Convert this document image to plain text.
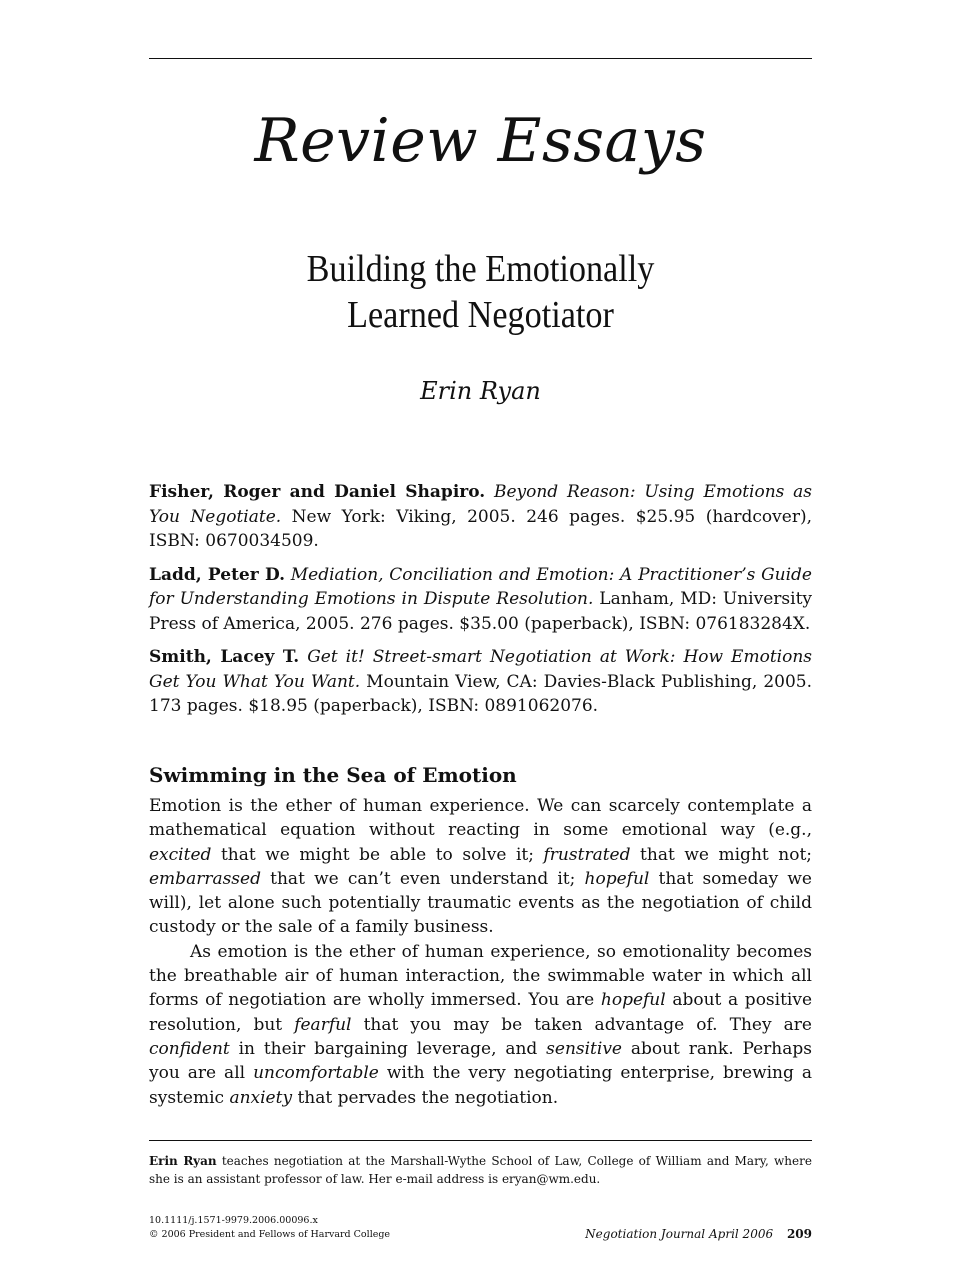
Review Essays
Building the Emotionally
Learned Negotiator
Erin Ryan

Fisher, Roger and Daniel Shapiro. Beyond Reason: Using Emotions as You Negotiate. New York: Viking, 2005. 246 pages. $25.95 (hardcover), ISBN: 0670034509.

Ladd, Peter D. Mediation, Conciliation and Emotion: A Practitioner’s Guide for Understanding Emotions in Dispute Resolution. Lanham, MD: University Press of America, 2005. 276 pages. $35.00 (paperback), ISBN: 076183284X.

Smith, Lacey T. Get it! Street-smart Negotiation at Work: How Emotions Get You What You Want. Mountain View, CA: Davies-Black Publishing, 2005. 173 pages. $18.95 (paperback), ISBN: 0891062076.

Swimming in the Sea of Emotion

Emotion is the ether of human experience. We can scarcely contemplate a mathematical equation without reacting in some emotional way (e.g., excited that we might be able to solve it; frustrated that we might not; embarrassed that we can’t even understand it; hopeful that someday we will), let alone such potentially traumatic events as the negotiation of child custody or the sale of a family business.

As emotion is the ether of human experience, so emotionality becomes the breathable air of human interaction, the swimmable water in which all forms of negotiation are wholly immersed. You are hopeful about a positive resolution, but fearful that you may be taken advantage of. They are confident in their bargaining leverage, and sensitive about rank. Perhaps you are all uncomfortable with the very negotiating enterprise, brewing a systemic anxiety that pervades the negotiation.

Erin Ryan teaches negotiation at the Marshall-Wythe School of Law, College of William and Mary, where she is an assistant professor of law. Her e-mail address is eryan@wm.edu.
10.1111/j.1571-9979.2006.00096.x
© 2006 President and Fellows of Harvard College	Negotiation Journal April 2006 209
